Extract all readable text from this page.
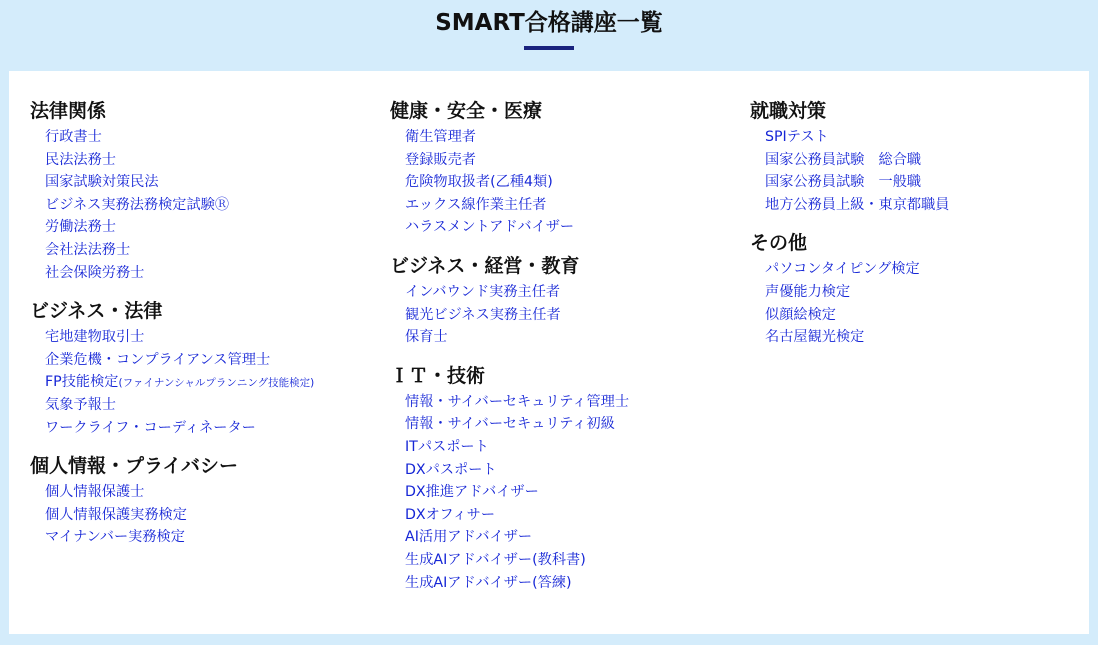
SMART合格講座一覧
法律関係
行政書士
民法法務士
国家試験対策民法
ビジネス実務法務検定試験Ⓡ
労働法務士
会社法法務士
社会保険労務士
ビジネス・法律
宅地建物取引士
企業危機・コンプライアンス管理士
FP技能検定(ファイナンシャルプランニング技能検定)
気象予報士
ワークライフ・コーディネーター
個人情報・プライバシー
個人情報保護士
個人情報保護実務検定
マイナンバー実務検定
健康・安全・医療
衛生管理者
登録販売者
危険物取扱者(乙種4類)
エックス線作業主任者
ハラスメントアドバイザー
ビジネス・経営・教育
インバウンド実務主任者
観光ビジネス実務主任者
保育士
ＩＴ・技術
情報・サイバーセキュリティ管理士
情報・サイバーセキュリティ初級
ITパスポート
DXパスポート
DX推進アドバイザー
DXオフィサー
AI活用アドバイザー
生成AIアドバイザー(教科書)
生成AIアドバイザー(答練)
就職対策
SPIテスト
国家公務員試験　総合職
国家公務員試験　一般職
地方公務員上級・東京都職員
その他
パソコンタイピング検定
声優能力検定
似顔絵検定
名古屋観光検定
